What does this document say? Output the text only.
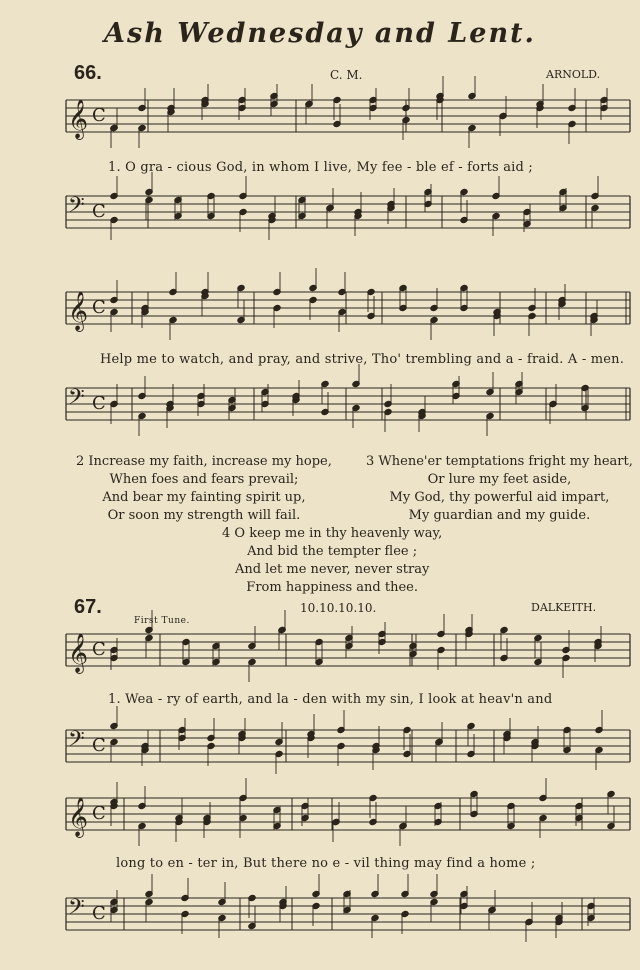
Ash Wednesday and Lent.
66.	C. M.	ARNOLD.
𝄞 C
𝄢 C
𝄞 C
𝄢 C
𝄞 C
𝄢 C
𝄞 C
𝄢 C
1. O gra - cious God, in whom I live, My fee - ble ef - forts aid ;
Help me to watch, and pray, and strive, Tho' trembling and a - fraid. A - men.
2 Increase my faith, increase my hope,
When foes and fears prevail;
And bear my fainting spirit up,
Or soon my strength will fail.
3 Whene'er temptations fright my heart,
Or lure my feet aside,
My God, thy powerful aid impart,
My guardian and my guide.
4 O keep me in thy heavenly way,
And bid the tempter flee ;
And let me never, never stray
From happiness and thee.
67.
First Tune.
10.10.10.10.	DALKEITH.
1. Wea - ry of earth, and la - den with my sin, I look at heav'n and
long to en - ter in, But there no e - vil thing may find a home ;
